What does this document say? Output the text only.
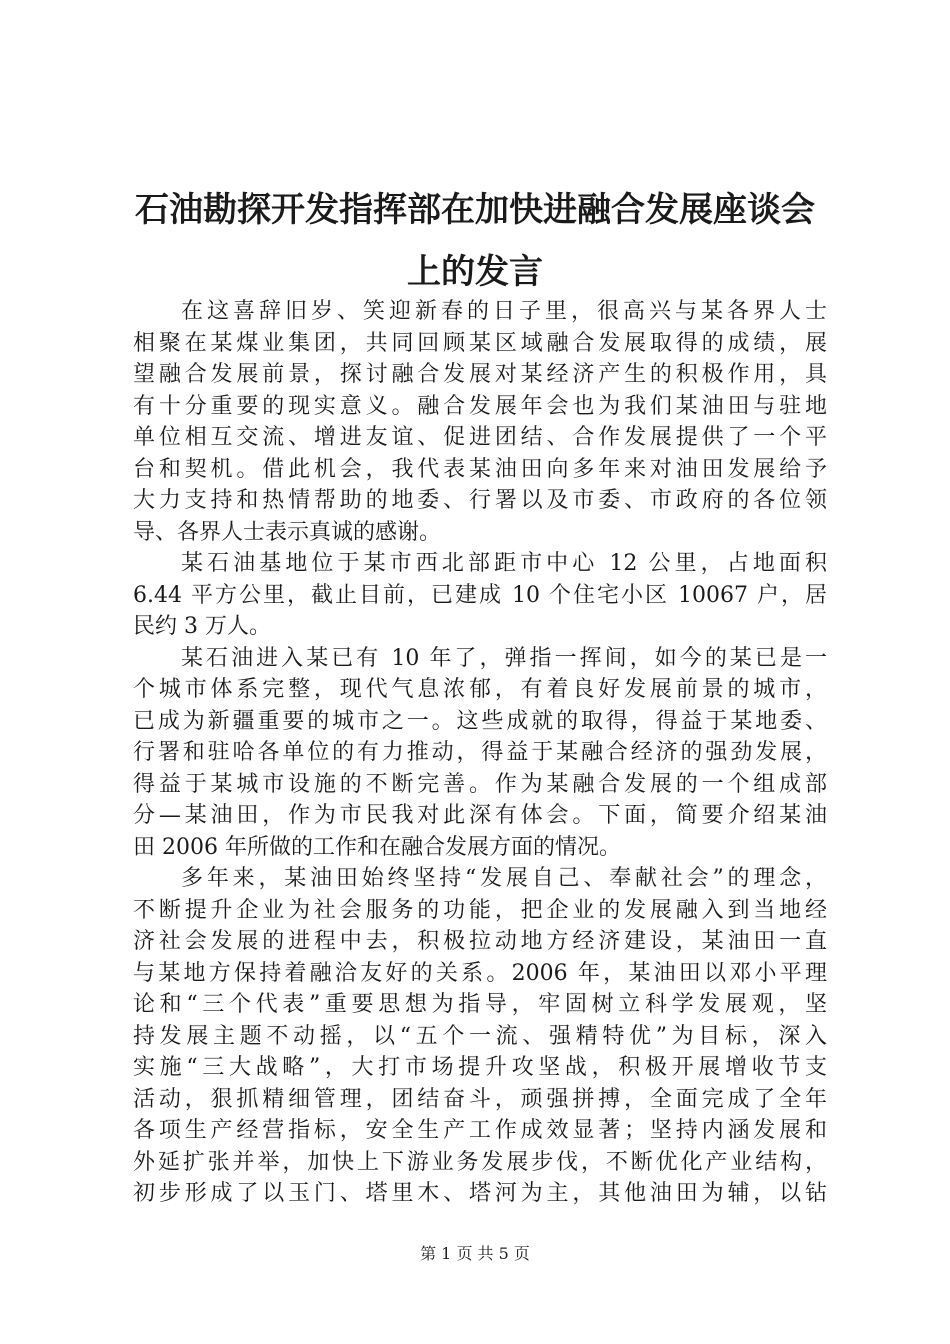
石油勘探开发指挥部在加快进融合发展座谈会
上的发言

在这喜辞旧岁、笑迎新春的日子里，很高兴与某各界人士
相聚在某煤业集团，共同回顾某区域融合发展取得的成绩，展
望融合发展前景，探讨融合发展对某经济产生的积极作用，具
有十分重要的现实意义。融合发展年会也为我们某油田与驻地
单位相互交流、增进友谊、促进团结、合作发展提供了一个平
台和契机。借此机会，我代表某油田向多年来对油田发展给予
大力支持和热情帮助的地委、行署以及市委、市政府的各位领
导、各界人士表示真诚的感谢。

某石油基地位于某市西北部距市中心 12 公里，占地面积
6.44 平方公里，截止目前，已建成 10 个住宅小区 10067 户，居
民约 3 万人。

某石油进入某已有 10 年了，弹指一挥间，如今的某已是一
个城市体系完整，现代气息浓郁，有着良好发展前景的城市，
已成为新疆重要的城市之一。这些成就的取得，得益于某地委、
行署和驻哈各单位的有力推动，得益于某融合经济的强劲发展，
得益于某城市设施的不断完善。作为某融合发展的一个组成部
分—某油田，作为市民我对此深有体会。下面，简要介绍某油
田 2006 年所做的工作和在融合发展方面的情况。

多年来，某油田始终坚持“发展自己、奉献社会”的理念，
不断提升企业为社会服务的功能，把企业的发展融入到当地经
济社会发展的进程中去，积极拉动地方经济建设，某油田一直
与某地方保持着融洽友好的关系。2006 年，某油田以邓小平理
论和“三个代表”重要思想为指导，牢固树立科学发展观，坚
持发展主题不动摇，以“五个一流、强精特优”为目标，深入
实施“三大战略”，大打市场提升攻坚战，积极开展增收节支
活动，狠抓精细管理，团结奋斗，顽强拼搏，全面完成了全年
各项生产经营指标，安全生产工作成效显著；坚持内涵发展和
外延扩张并举，加快上下游业务发展步伐，不断优化产业结构，
初步形成了以玉门、塔里木、塔河为主，其他油田为辅，以钻

第 1 页 共 5 页
